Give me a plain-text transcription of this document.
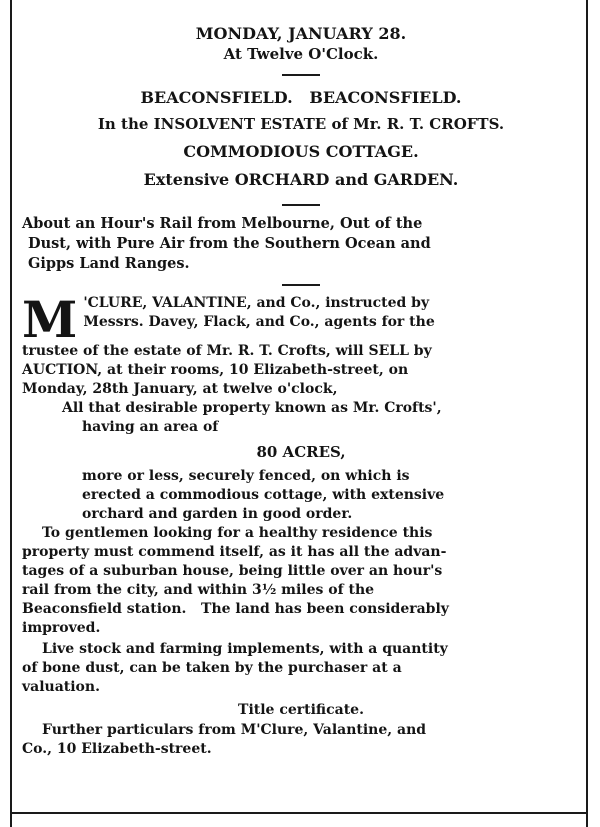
MONDAY, JANUARY 28.
At Twelve O'Clock.
BEACONSFIELD.   BEACONSFIELD.
In the INSOLVENT ESTATE of Mr. R. T. CROFTS.
COMMODIOUS COTTAGE.
Extensive ORCHARD and GARDEN.
About an Hour's Rail from Melbourne, Out of the
Dust, with Pure Air from the Southern Ocean and
Gipps Land Ranges.
M 'CLURE, VALANTINE, and Co., instructed by
Messrs. Davey, Flack, and Co., agents for the
trustee of the estate of Mr. R. T. Crofts, will SELL by
AUCTION, at their rooms, 10 Elizabeth-street, on
Monday, 28th January, at twelve o'clock,
All that desirable property known as Mr. Crofts',
having an area of
80 ACRES,
more or less, securely fenced, on which is
erected a commodious cottage, with extensive
orchard and garden in good order.
To gentlemen looking for a healthy residence this
property must commend itself, as it has all the advan-
tages of a suburban house, being little over an hour's
rail from the city, and within 3½ miles of the
Beaconsfield station.   The land has been considerably
improved.
Live stock and farming implements, with a quantity
of bone dust, can be taken by the purchaser at a
valuation.
Title certificate.
Further particulars from M'Clure, Valantine, and
Co., 10 Elizabeth-street.
